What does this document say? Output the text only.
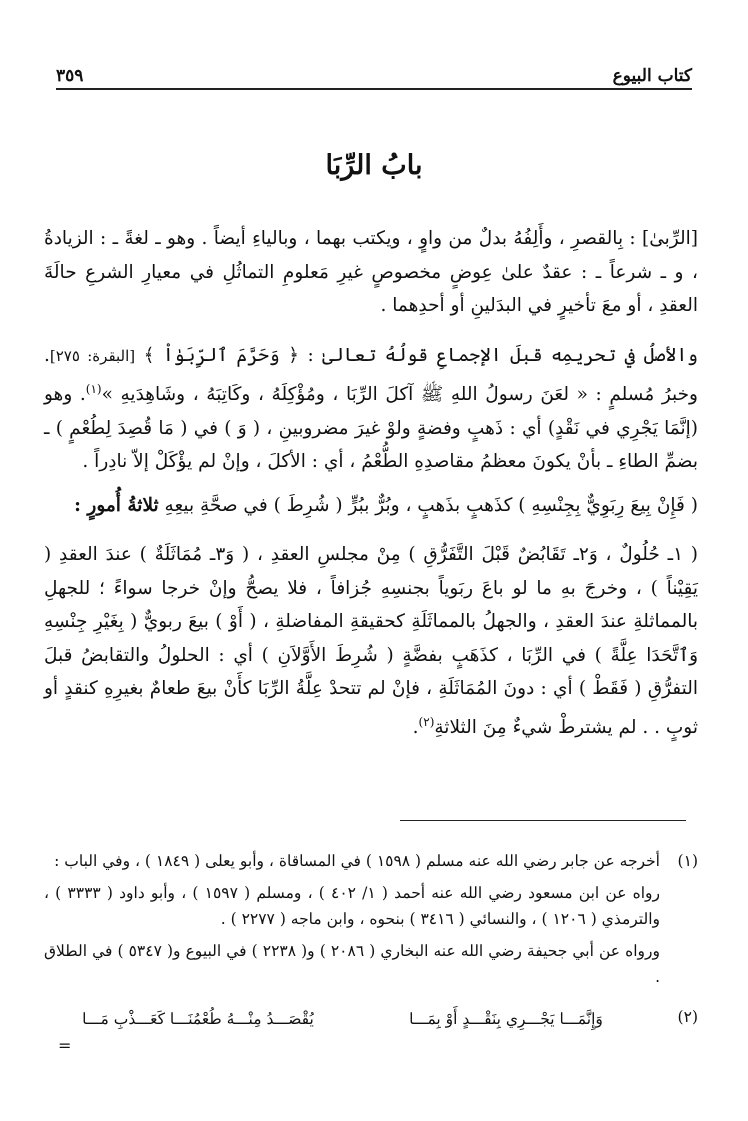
كتاب البيوع
٣٥٩
بابُ الرِّبَا

[الرِّبىٰ] : بِالقصرِ ، وأَلِفُهُ بدلٌ من واوٍ ، ويكتب بهما ، وبالياءِ أيضاً . وهو ـ لغةً ـ : الزيادةُ ، و ـ شرعاً ـ : عقدٌ علىٰ عِوضٍ مخصوصٍ غيرِ مَعلومِ التماثُلِ في معيارِ الشرعِ حالَةَ العقدِ ، أو معَ تأخيرٍ في البدَلينِ أو أحدِهما .

والأصلُ في تحريمِه قبلَ الإجماعِ قولُهُ تعالىٰ : ﴿ وَحَرَّمَ ٱلرِّبَوٰاْ ﴾ [البقرة: ٢٧٥]. وخبرُ مُسلمٍ : « لعَنَ رسولُ اللهِ ﷺ آكلَ الرِّبَا ، ومُؤْكِلَهُ ، وكَاتِبَهُ ، وشَاهِدَيهِ »$^{(١)}$. وهو (إنَّمَا يَجْرِي في نَقْدٍ) أي : ذَهبٍ وفضةٍ ولوْ غيرَ مضروبينِ ، ( وَ ) في ( مَا قُصِدَ لِطُعْمٍ ) ـ بضمِّ الطاءِ ـ بأنْ يكونَ معظمُ مقاصدِهِ الطُّعْمُ ، أي : الأكلَ ، وإنْ لم يؤْكَلْ إلاّ نادِراً .

( فَإِنْ بِيعَ رِبَوِيٌّ بِجِنْسِهِ ) كذَهبٍ بذَهبٍ ، وبُرٌّ ببُرٍّ ( شُرِطَ ) في صحَّةِ بيعِهِ ثلاثةُ أُمورٍ :

( ١ـ حُلُولٌ ، وَ٢ـ تَقَابُضٌ قَبْلَ التَّفَرُّقِ ) مِنْ مجلسِ العقدِ ، ( وَ٣ـ مُمَاثَلَةٌ ) عندَ العقدِ ( يَقِيْناً ) ، وخرجَ بهِ ما لو باعَ ربَوياً بجنسِهِ جُزافاً ، فلا يصحُّ وإنْ خرجا سواءً ؛ للجهلِ بالمماثلةِ عندَ العقدِ ، والجهلُ بالمماثَلَةِ كحقيقةِ المفاضلةِ ، ( أَوْ ) بيعَ ربويٌّ ( بِغَيْرِ جِنْسِهِ وَٱتَّحَدَا عِلَّةً ) في الرِّبَا ، كذَهَبٍ بفضَّةٍ ( شُرِطَ الأَوَّلاَنِ ) أي : الحلولُ والتقابضُ قبلَ التفرُّقِ ( فَقَطْ ) أي : دونَ المُمَاثَلَةِ ، فإنْ لم تتحدْ عِلَّةُ الرِّبَا كأَنْ بيعَ طعامٌ بغيرِهِ كنقدٍ أو ثوبٍ . . لم يشترطْ شيءٌ مِنَ الثلاثةِ$^{(٢)}$.

(١)

أخرجه عن جابر رضي الله عنه مسلم ( ١٥٩٨ ) في المساقاة ، وأبو يعلى ( ١٨٤٩ ) ، وفي الباب :

رواه عن ابن مسعود رضي الله عنه أحمد ( ١/ ٤٠٢ ) ، ومسلم ( ١٥٩٧ ) ، وأبو داود ( ٣٣٣٣ ) ، والترمذي ( ١٢٠٦ ) ، والنسائي ( ٣٤١٦ ) بنحوه ، وابن ماجه ( ٢٢٧٧ ) .

ورواه عن أبي جحيفة رضي الله عنه البخاري ( ٢٠٨٦ ) و( ٢٢٣٨ ) في البيوع و( ٥٣٤٧ ) في الطلاق .

(٢)
وَإِنَّمَـــا يَجْـــرِي بِنَقْـــدٍ أَوْ بِمَـــا
يُقْصَـــدُ مِنْـــهُ طُعْمُنَـــا كَعَـــذْبِ مَـــا
=
